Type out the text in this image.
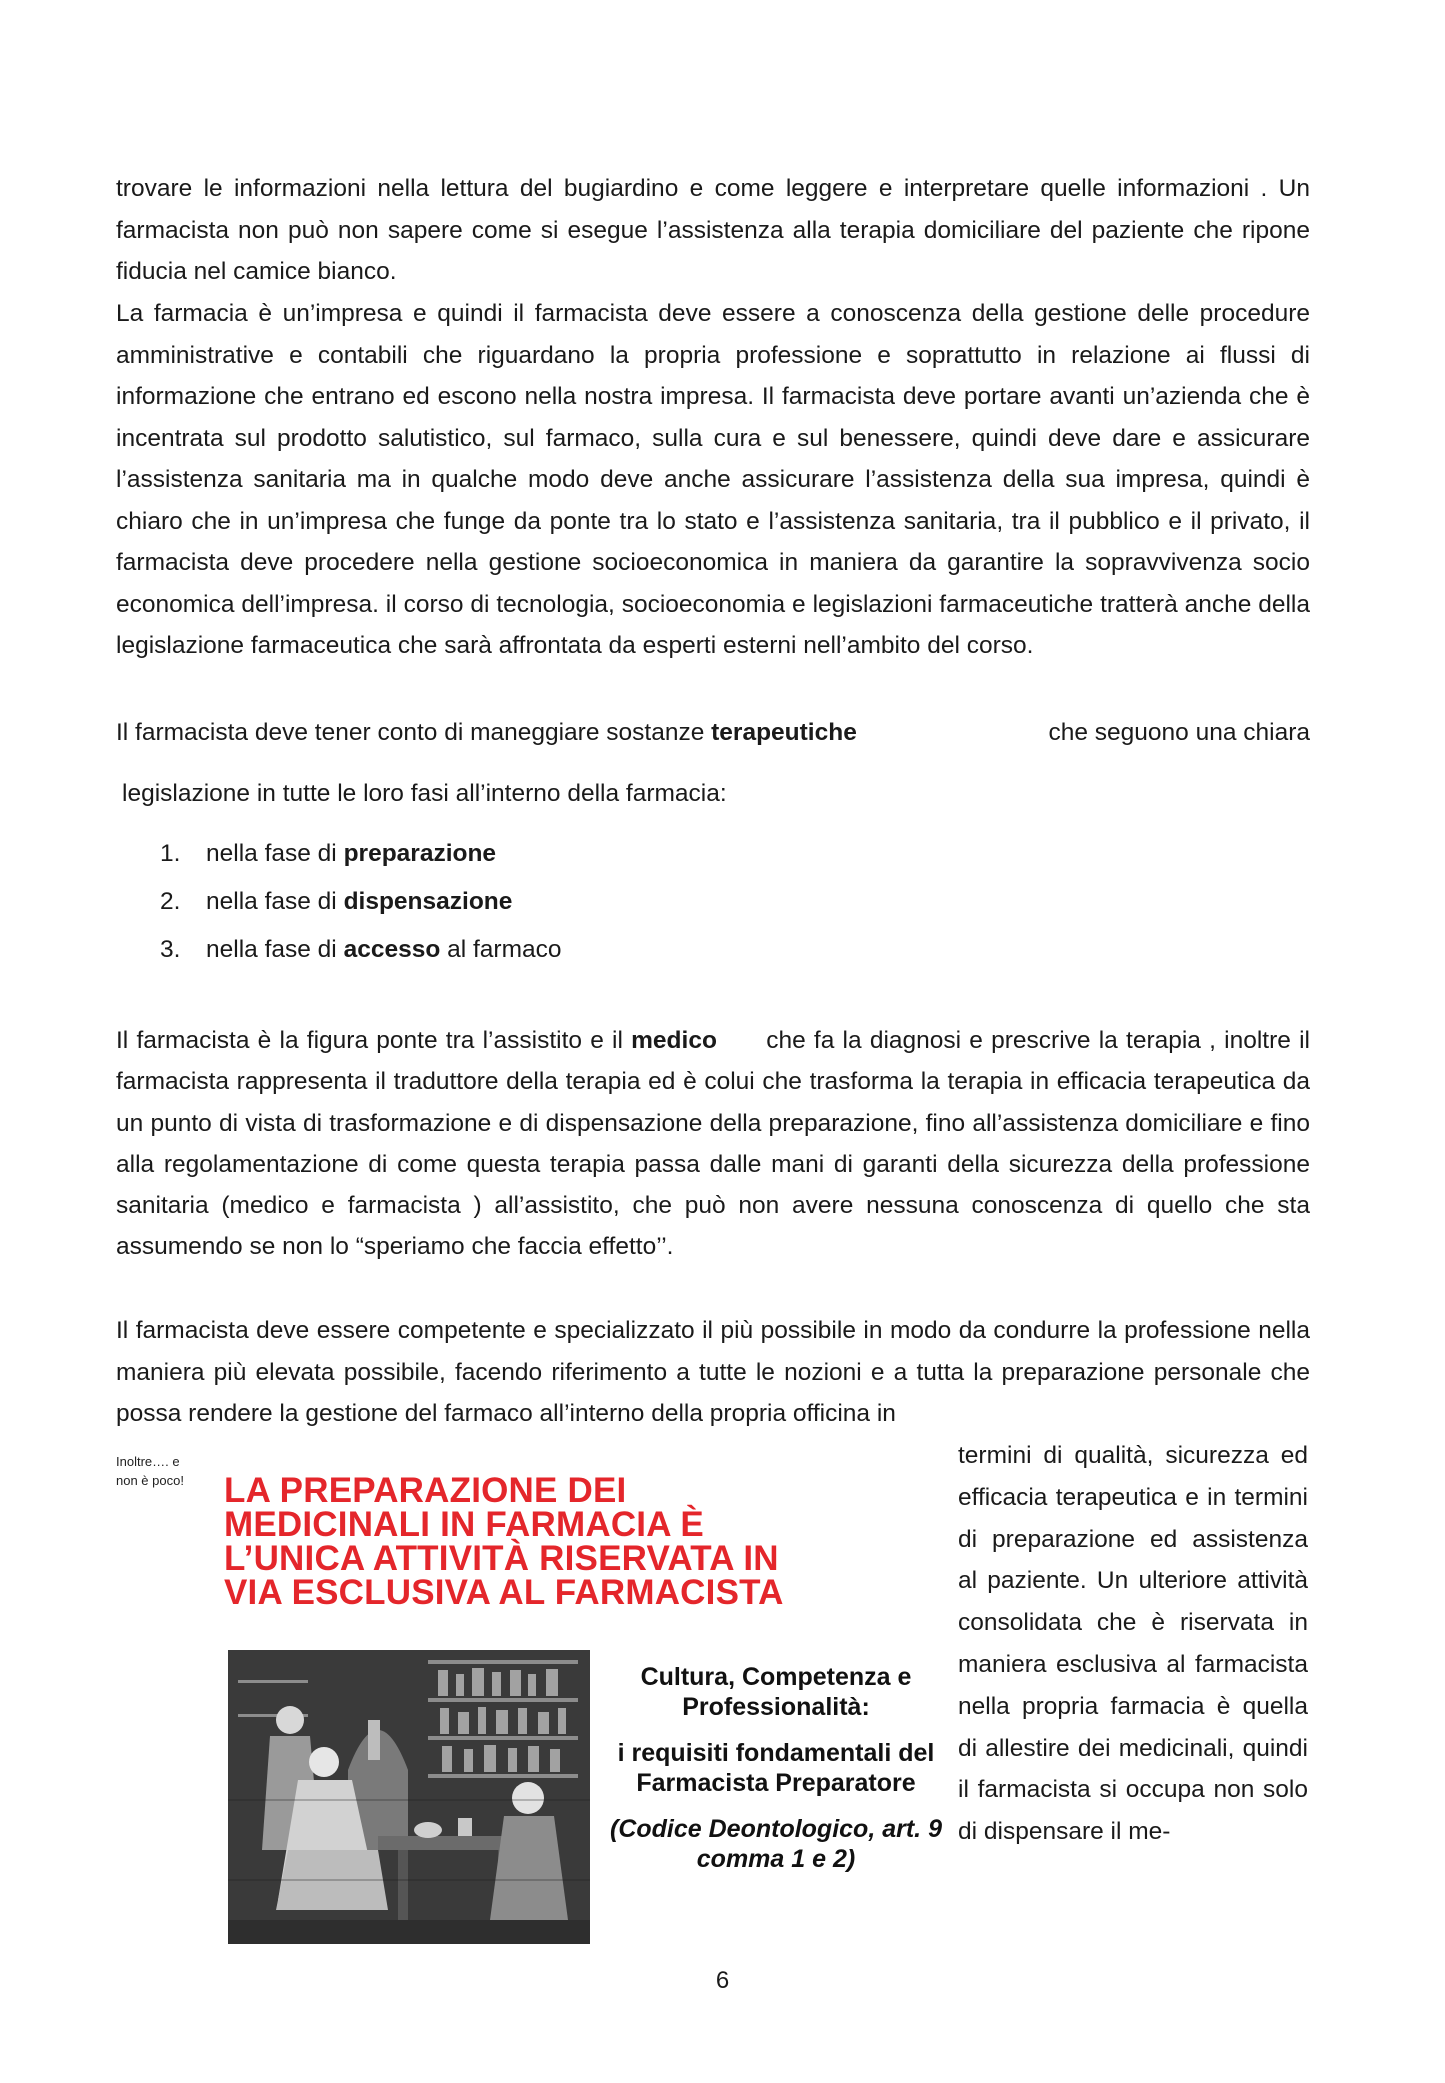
trovare le informazioni nella lettura del bugiardino e come leggere e interpretare quelle informazioni . Un farmacista non può non sapere come si esegue l’assistenza alla terapia domiciliare del paziente che ripone fiducia nel camice bianco.

La farmacia è un’impresa e quindi il farmacista deve essere a conoscenza della gestione delle procedure amministrative e contabili che riguardano la propria professione e soprattutto in relazione ai flussi di informazione che entrano ed escono nella nostra impresa. Il farmacista deve portare avanti un’azienda che è incentrata sul prodotto salutistico, sul farmaco, sulla cura e sul benessere, quindi deve dare e assicurare l’assistenza sanitaria ma in qualche modo deve anche assicurare l’assistenza della sua impresa, quindi è chiaro che in un’impresa che funge da ponte tra lo stato e l’assistenza sanitaria, tra il pubblico e il privato, il farmacista deve procedere nella gestione socioeconomica in maniera da garantire la sopravvivenza socio economica dell’impresa. il corso di tecnologia, socioeconomia e legislazioni farmaceutiche tratterà anche della legislazione farmaceutica che sarà affrontata da esperti esterni nell’ambito del corso.

Il farmacista deve tener conto di maneggiare sostanze terapeutiche	che seguono una chiara

legislazione in tutte le loro fasi all’interno della farmacia:

1. nella fase di preparazione

2. nella fase di dispensazione

3. nella fase di accesso al farmaco

Il farmacista è la figura ponte tra l’assistito e il medico che fa la diagnosi e prescrive la terapia , inoltre il farmacista rappresenta il traduttore della terapia ed è colui che trasforma la terapia in efficacia terapeutica da un punto di vista di trasformazione e di dispensazione della preparazione, fino all’assistenza domiciliare e fino alla regolamentazione di come questa terapia passa dalle mani di garanti della sicurezza della professione sanitaria (medico e farmacista ) all’assistito, che può non avere nessuna conoscenza di quello che sta assumendo se non lo “speriamo che faccia effetto’’.

Il farmacista deve essere competente e specializzato il più possibile in modo da condurre la professione nella maniera più elevata possibile, facendo riferimento a tutte le nozioni e a tutta la preparazione personale che possa rendere la gestione del farmaco all’interno della propria officina in

termini di qualità, sicurezza ed efficacia terapeutica e in termini di preparazione ed assistenza al paziente. Un ulteriore attività consolidata che è riservata in maniera esclusiva al farmacista nella propria farmacia è quella di allestire dei medicinali, quindi il farmacista si occupa non solo di dispensare il me-

Inoltre…. e non è poco!	LA PREPARAZIONE DEI MEDICINALI IN FARMACIA È L’UNICA ATTIVITÀ RISERVATA IN VIA ESCLUSIVA AL FARMACISTA

Cultura, Competenza e Professionalità:

i requisiti fondamentali del Farmacista Preparatore

(Codice Deontologico, art. 9 comma 1 e 2)

6
